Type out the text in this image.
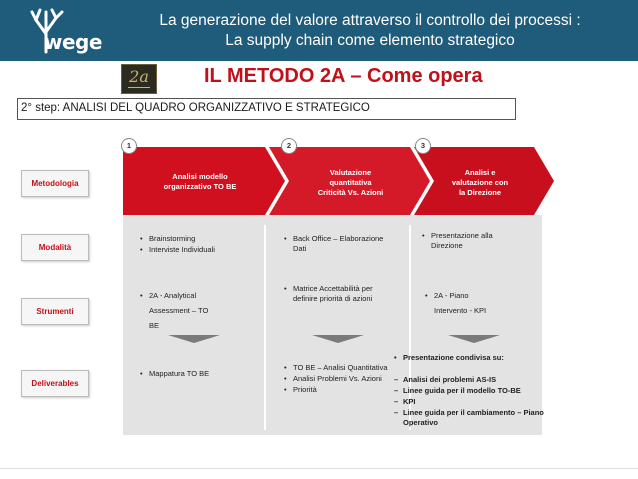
wege
La generazione del valore attraverso il controllo dei processi :
La supply chain come elemento strategico
2a	IL METODO 2A – Come opera
2° step: ANALISI DEL QUADRO ORGANIZZATIVO E STRATEGICO
Metodologia
Modalità
Strumenti
Deliverables
1	2	3
Analisi modello
organizzativo TO BE
Valutazione
quantitativa
Criticità Vs. Azioni
Analisi e
valutazione con
la Direzione
• Brainstorming
• Interviste Individuali
• Back Office – Elaborazione Dati
• Presentazione alla Direzione
• 2A - Analytical
Assessment – TO
BE
• Matrice Accettabilità per definire priorità di azioni
•	2A - Piano
Intervento - KPI
• Mappatura TO BE
• TO BE – Analisi Quantitativa
• Analisi Problemi Vs. Azioni
• Priorità
• Presentazione condivisa su:
– Analisi dei problemi AS-IS
– Linee guida per il modello TO-BE
– KPI
– Linee guida per il cambiamento – Piano Operativo
